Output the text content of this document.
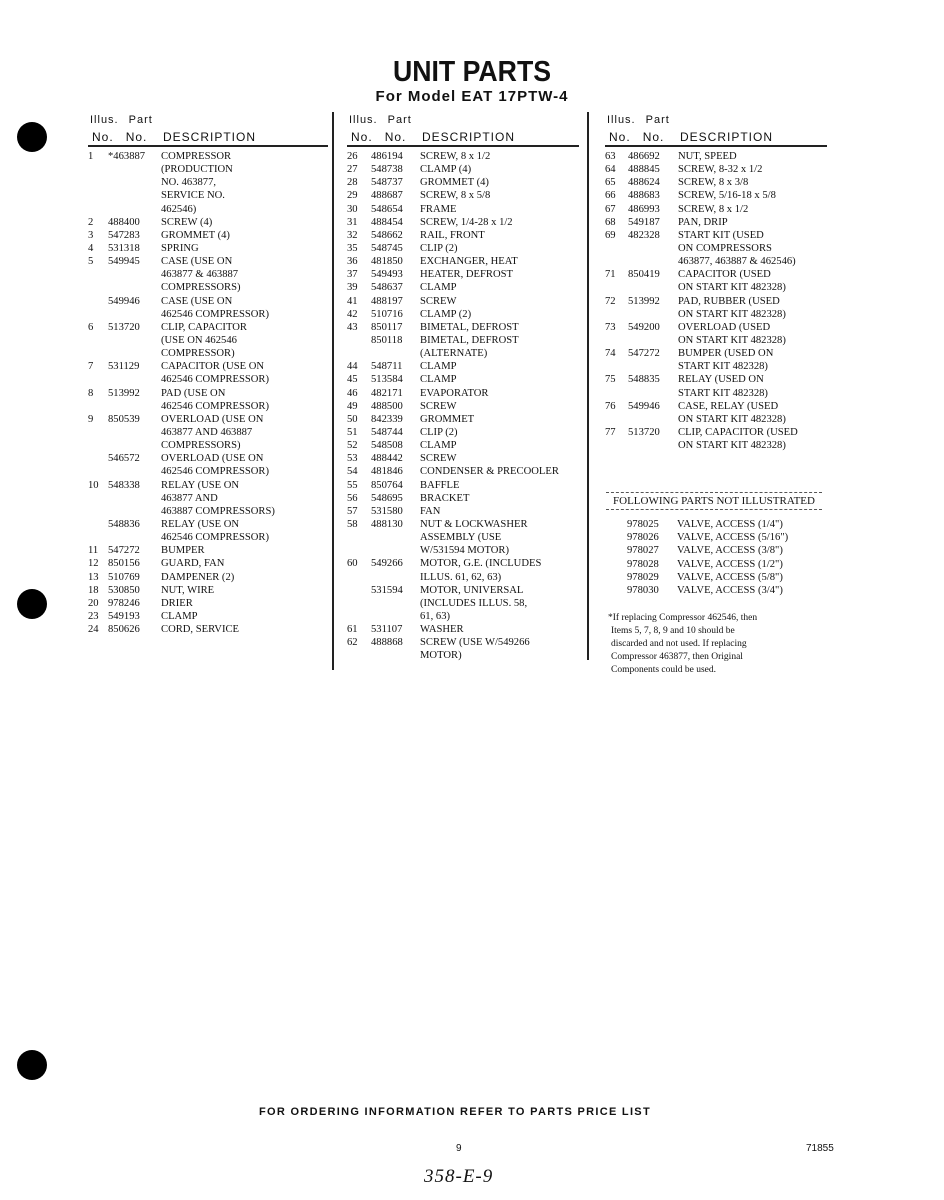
UNIT PARTS
For Model EAT 17PTW-4
Illus. Part
No. No. DESCRIPTION
1	*463887 COMPRESSOR
(PRODUCTION
NO. 463877,
SERVICE NO.
462546)
2	488400 SCREW (4)
3	547283 GROMMET (4)
4	531318 SPRING
5	549945 CASE (USE ON
463877 & 463887
COMPRESSORS)
549946 CASE (USE ON
462546 COMPRESSOR)
6	513720 CLIP, CAPACITOR
(USE ON 462546
COMPRESSOR)
7	531129 CAPACITOR (USE ON
462546 COMPRESSOR)
8	513992 PAD (USE ON
462546 COMPRESSOR)
9	850539 OVERLOAD (USE ON
463877 AND 463887
COMPRESSORS)
546572 OVERLOAD (USE ON
462546 COMPRESSOR)
10 548338 RELAY (USE ON
463877 AND
463887 COMPRESSORS)
548836 RELAY (USE ON
462546 COMPRESSOR)
11 547272 BUMPER
12 850156 GUARD, FAN
13 510769 DAMPENER (2)
18 530850 NUT, WIRE
20 978246 DRIER
23 549193 CLAMP
24 850626 CORD, SERVICE
Illus. Part
No. No. DESCRIPTION
26	486194 SCREW, 8 x 1/2
27	548738 CLAMP (4)
28	548737 GROMMET (4)
29	488687 SCREW, 8 x 5/8
30	548654 FRAME
31	488454 SCREW, 1/4-28 x 1/2
32	548662 RAIL, FRONT
35	548745 CLIP (2)
36	481850 EXCHANGER, HEAT
37	549493 HEATER, DEFROST
39	548637 CLAMP
41	488197 SCREW
42	510716 CLAMP (2)
43	850117 BIMETAL, DEFROST
850118 BIMETAL, DEFROST
(ALTERNATE)
44	548711 CLAMP
45	513584 CLAMP
46	482171 EVAPORATOR
49	488500 SCREW
50	842339 GROMMET
51	548744 CLIP (2)
52	548508 CLAMP
53	488442 SCREW
54	481846 CONDENSER & PRECOOLER
55	850764 BAFFLE
56	548695 BRACKET
57	531580 FAN
58	488130 NUT & LOCKWASHER
ASSEMBLY (USE
W/531594 MOTOR)
60	549266 MOTOR, G.E. (INCLUDES
ILLUS. 61, 62, 63)
531594 MOTOR, UNIVERSAL
(INCLUDES ILLUS. 58,
61, 63)
61	531107 WASHER
62	488868 SCREW (USE W/549266
MOTOR)
Illus. Part
No. No. DESCRIPTION
63	486692 NUT, SPEED
64	488845 SCREW, 8-32 x 1/2
65	488624 SCREW, 8 x 3/8
66	488683 SCREW, 5/16-18 x 5/8
67	486993 SCREW, 8 x 1/2
68	549187 PAN, DRIP
69	482328 START KIT (USED
ON COMPRESSORS
463877, 463887 & 462546)
71	850419 CAPACITOR (USED
ON START KIT 482328)
72	513992 PAD, RUBBER (USED
ON START KIT 482328)
73	549200 OVERLOAD (USED
ON START KIT 482328)
74	547272 BUMPER (USED ON
START KIT 482328)
75	548835 RELAY (USED ON
START KIT 482328)
76	549946 CASE, RELAY (USED
ON START KIT 482328)
77	513720 CLIP, CAPACITOR (USED
ON START KIT 482328)
FOLLOWING PARTS NOT ILLUSTRATED
978025 VALVE, ACCESS (1/4")
978026 VALVE, ACCESS (5/16")
978027 VALVE, ACCESS (3/8")
978028 VALVE, ACCESS (1/2")
978029 VALVE, ACCESS (5/8")
978030 VALVE, ACCESS (3/4")
*If replacing Compressor 462546, then
Items 5, 7, 8, 9 and 10 should be
discarded and not used. If replacing
Compressor 463877, then Original
Components could be used.
FOR ORDERING INFORMATION REFER TO PARTS PRICE LIST
9	71855
358-E-9
